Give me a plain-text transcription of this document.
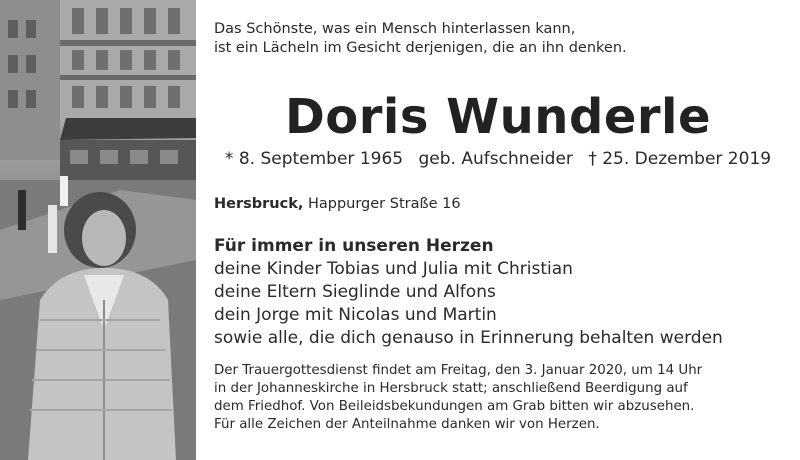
Das Schönste, was ein Mensch hinterlassen kann,
ist ein Lächeln im Gesicht derjenigen, die an ihn denken.
Doris Wunderle
* 8. September 1965 geb. Aufschneider † 25. Dezember 2019
Hersbruck, Happurger Straße 16
Für immer in unseren Herzen
deine Kinder Tobias und Julia mit Christian
deine Eltern Sieglinde und Alfons
dein Jorge mit Nicolas und Martin
sowie alle, die dich genauso in Erinnerung behalten werden
Der Trauergottesdienst findet am Freitag, den 3. Januar 2020, um 14 Uhr
in der Johanneskirche in Hersbruck statt; anschließend Beerdigung auf
dem Friedhof. Von Beileidsbekundungen am Grab bitten wir abzusehen.
Für alle Zeichen der Anteilnahme danken wir von Herzen.
